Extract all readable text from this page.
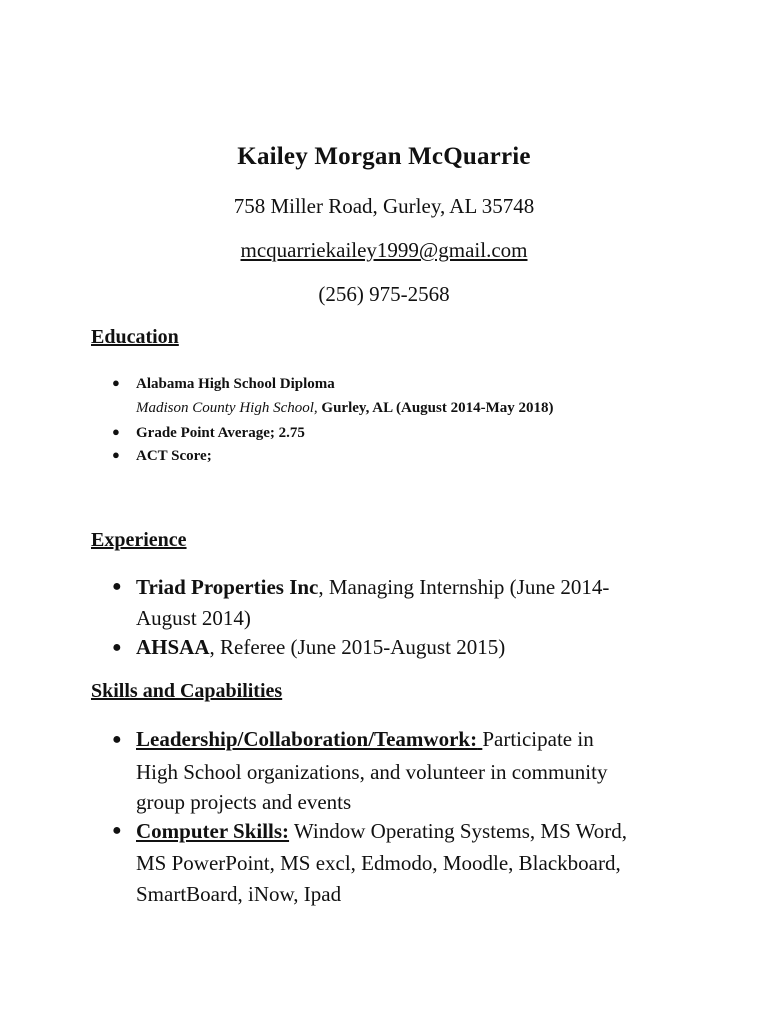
Kailey Morgan McQuarrie
758 Miller Road, Gurley, AL 35748
mcquarriekailey1999@gmail.com
(256) 975-2568
Education
● Alabama High School Diploma
Madison County High School, Gurley, AL (August 2014-May 2018)
● Grade Point Average; 2.75
● ACT Score;
Experience
● Triad Properties Inc, Managing Internship (June 2014-
August 2014)
● AHSAA, Referee (June 2015-August 2015)
Skills and Capabilities
● Leadership/Collaboration/Teamwork: Participate in
High School organizations, and volunteer in community
group projects and events
● Computer Skills: Window Operating Systems, MS Word,
MS PowerPoint, MS excl, Edmodo, Moodle, Blackboard,
SmartBoard, iNow, Ipad
